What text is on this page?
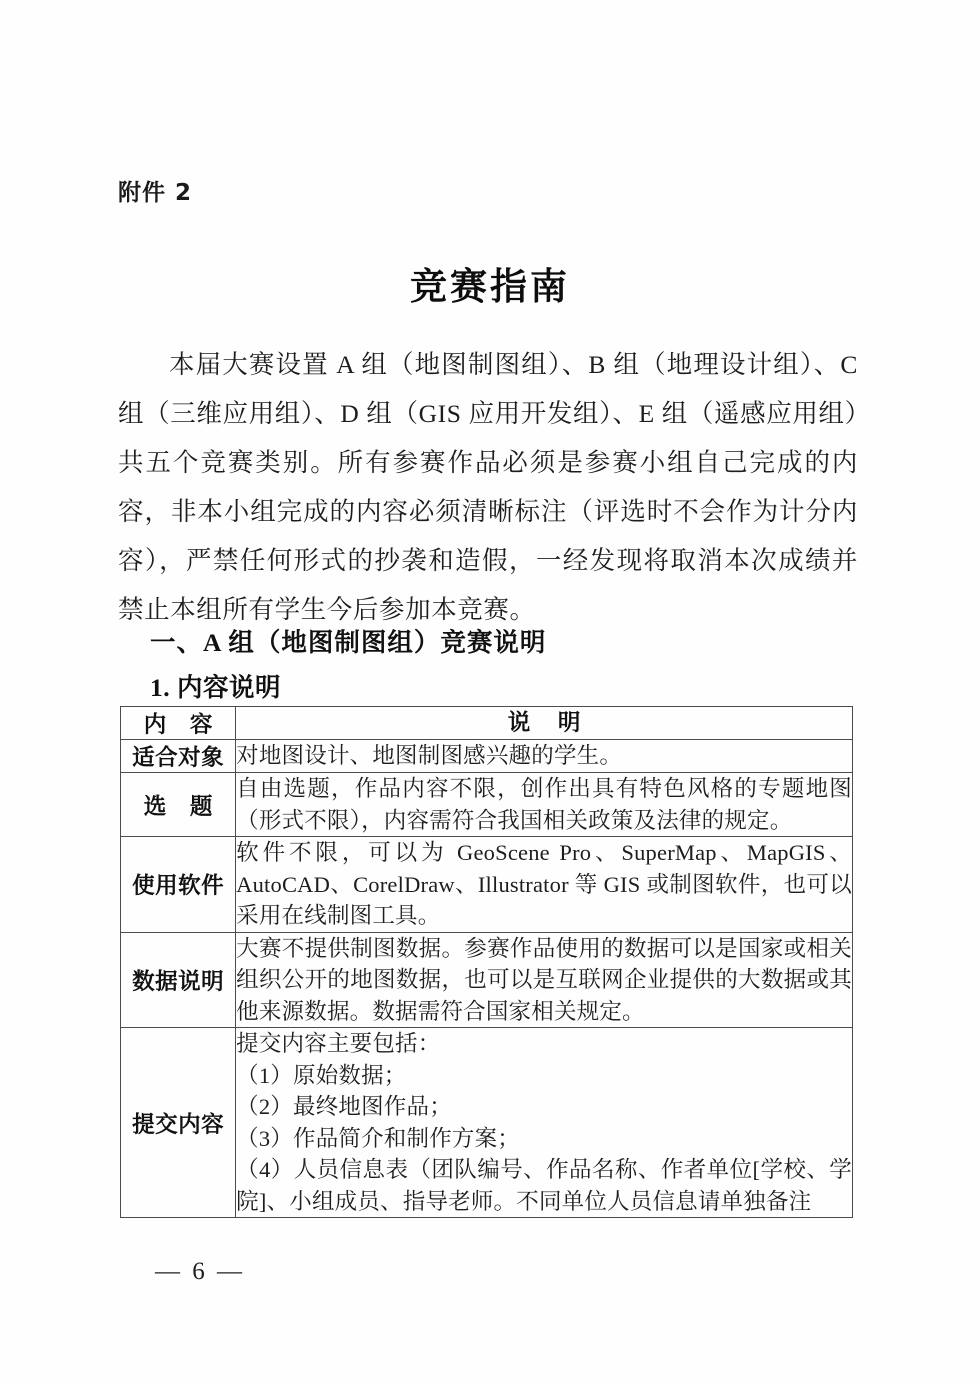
附件 2
竞赛指南

本届大赛设置 A 组（地图制图组）、B 组（地理设计组）、C 组（三维应用组）、D 组（GIS 应用开发组）、E 组（遥感应用组）共五个竞赛类别。所有参赛作品必须是参赛小组自己完成的内容，非本小组完成的内容必须清晰标注（评选时不会作为计分内容），严禁任何形式的抄袭和造假，一经发现将取消本次成绩并禁止本组所有学生今后参加本竞赛。

一、A 组（地图制图组）竞赛说明
1. 内容说明
内 容	说 明
适合对象	对地图设计、地图制图感兴趣的学生。
选 题	自由选题，作品内容不限，创作出具有特色风格的专题地图（形式不限），内容需符合我国相关政策及法律的规定。
使用软件	软件不限，可以为 GeoScene Pro、SuperMap、MapGIS、AutoCAD、CorelDraw、Illustrator 等 GIS 或制图软件，也可以采用在线制图工具。
数据说明	大赛不提供制图数据。参赛作品使用的数据可以是国家或相关组织公开的地图数据，也可以是互联网企业提供的大数据或其他来源数据。数据需符合国家相关规定。
提交内容	提交内容主要包括：

（1）原始数据；

（2）最终地图作品；

（3）作品简介和制作方案；

（4）人员信息表（团队编号、作品名称、作者单位[学校、学院]、小组成员、指导老师。不同单位人员信息请单独备注

— 6 —
